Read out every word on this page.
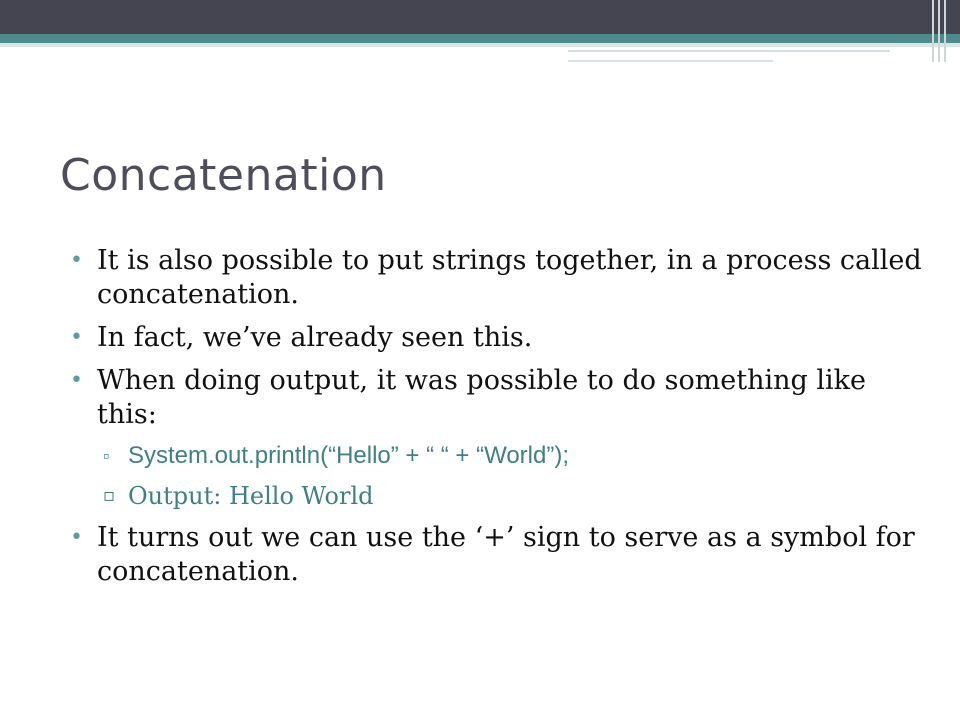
Concatenation
• It is also possible to put strings together, in a process called concatenation.
• In fact, we’ve already seen this.
• When doing output, it was possible to do something like this:
▫ System.out.println(“Hello” + “ “ + “World”);
▫ Output: Hello World
• It turns out we can use the ‘+’ sign to serve as a symbol for concatenation.
